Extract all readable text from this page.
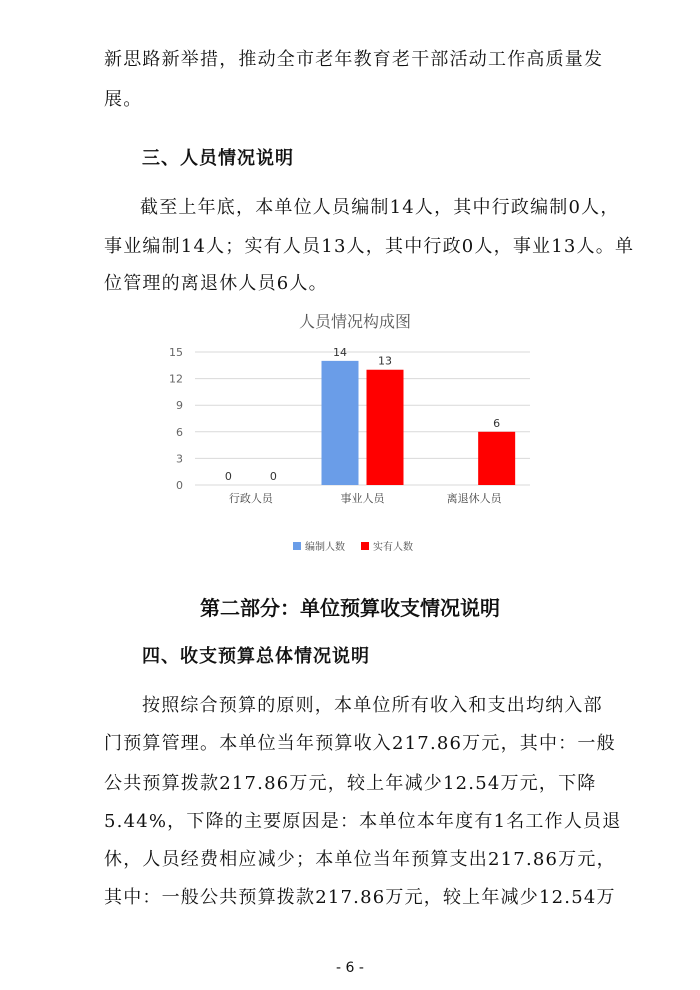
新思路新举措，推动全市老年教育老干部活动工作高质量发
展。
三、人员情况说明
截至上年底，本单位人员编制14人，其中行政编制0人，
事业编制14人；实有人员13人，其中行政0人，事业13人。单
位管理的离退休人员6人。
人员情况构成图
0
3
6
9
12
15
0	0
行政人员
14
13
事业人员
6
离退休人员
编制人数	实有人数
第二部分：单位预算收支情况说明
四、收支预算总体情况说明
按照综合预算的原则，本单位所有收入和支出均纳入部
门预算管理。本单位当年预算收入217.86万元，其中：一般
公共预算拨款217.86万元，较上年减少12.54万元，下降
5.44%，下降的主要原因是：本单位本年度有1名工作人员退
休，人员经费相应减少；本单位当年预算支出217.86万元，
其中：一般公共预算拨款217.86万元，较上年减少12.54万
- 6 -
